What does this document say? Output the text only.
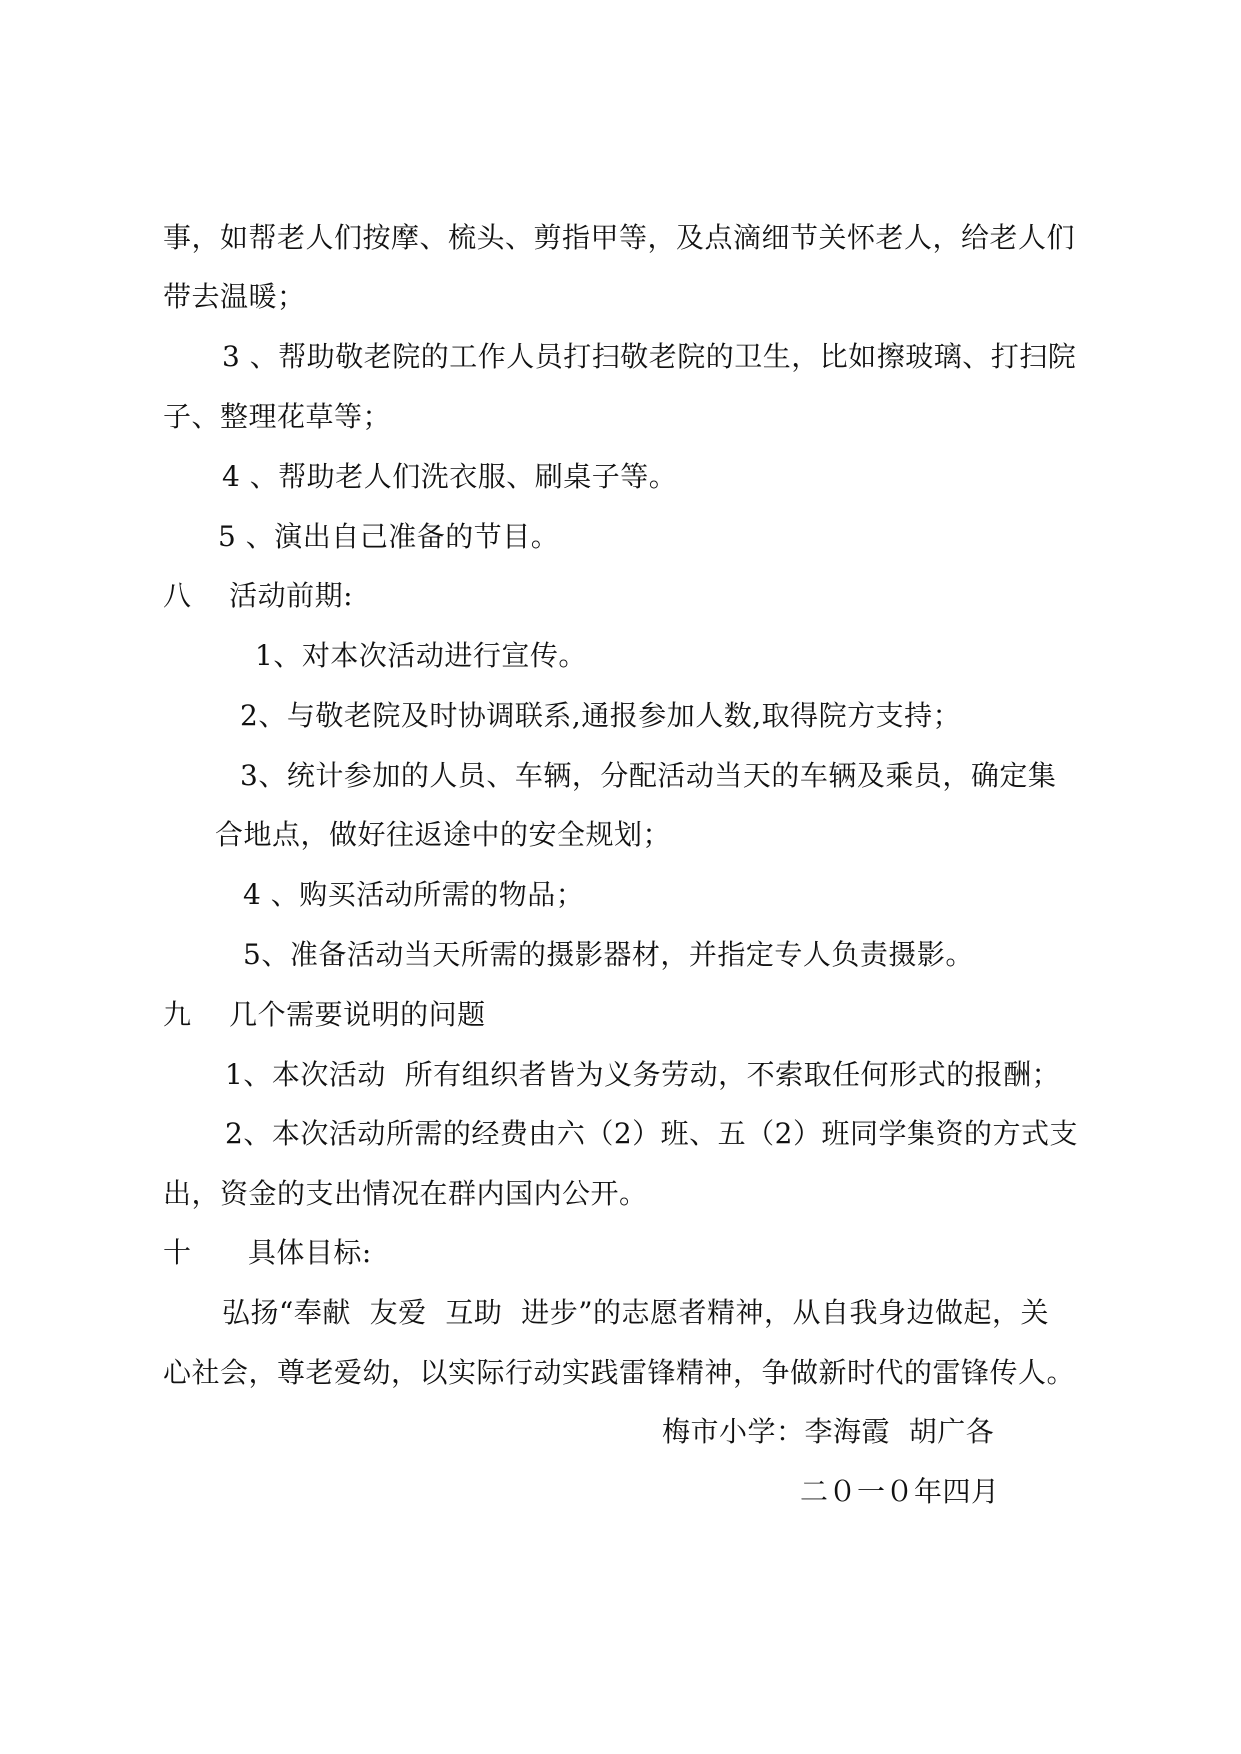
事，如帮老人们按摩、梳头、剪指甲等，及点滴细节关怀老人，给老人们
带去温暖；
3 、帮助敬老院的工作人员打扫敬老院的卫生，比如擦玻璃、打扫院
子、整理花草等；
4 、帮助老人们洗衣服、刷桌子等。
5 、演出自己准备的节目。
八    活动前期:
1、对本次活动进行宣传。
2、与敬老院及时协调联系,通报参加人数,取得院方支持；
3、统计参加的人员、车辆，分配活动当天的车辆及乘员，确定集
合地点，做好往返途中的安全规划；
4 、购买活动所需的物品；
5、准备活动当天所需的摄影器材，并指定专人负责摄影。
九    几个需要说明的问题
1、本次活动  所有组织者皆为义务劳动，不索取任何形式的报酬；
2、本次活动所需的经费由六（2）班、五（2）班同学集资的方式支
出，资金的支出情况在群内国内公开。
十      具体目标:
弘扬“奉献  友爱  互助  进步”的志愿者精神，从自我身边做起，关
心社会，尊老爱幼，以实际行动实践雷锋精神，争做新时代的雷锋传人。
梅市小学：李海霞  胡广各
二０一０年四月
